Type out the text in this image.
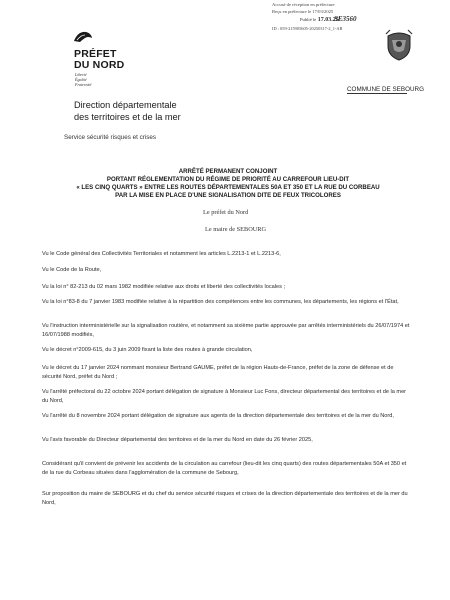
Accusé de réception en préfecture
Reçu en préfecture le 17/03/2025
Publié le 17.03.25
SE3560
ID : 059-215905605-20250317-2_1-AR
COMMUNE DE SEBOURG
PRÉFET
DU NORD
Liberté
Égalité
Fraternité
Direction départementale
des territoires et de la mer
Service sécurité risques et crises
ARRÊTÉ PERMANENT CONJOINT
PORTANT RÉGLEMENTATION DU RÉGIME DE PRIORITÉ AU CARREFOUR LIEU-DIT
« LES CINQ QUARTS » ENTRE LES ROUTES DÉPARTEMENTALES 50A ET 350 ET LA RUE DU CORBEAU
PAR LA MISE EN PLACE D'UNE SIGNALISATION DITE DE FEUX TRICOLORES
Le préfet du Nord
Le maire de SEBOURG
Vu le Code général des Collectivités Territoriales et notamment les articles L.2213-1 et L.2213-6,
Vu le Code de la Route,
Vu la loi n° 82-213 du 02 mars 1982 modifiée relative aux droits et liberté des collectivités locales ;
Vu la loi n°83-8 du 7 janvier 1983 modifiée relative à la répartition des compétences entre les communes, les départements, les régions et l'État,
Vu l'instruction interministérielle sur la signalisation routière, et notamment sa sixième partie approuvée par arrêtés interministériels du 26/07/1974 et 16/07/1988 modifiés,
Vu le décret n°2009-615, du 3 juin 2009 fixant la liste des routes à grande circulation,
Vu le décret du 17 janvier 2024 nommant monsieur Bertrand GAUME, préfet de la région Hauts-de-France, préfet de la zone de défense et de sécurité Nord, préfet du Nord ;
Vu l'arrêté préfectoral du 22 octobre 2024 portant délégation de signature à Monsieur Luc Fons, directeur départemental des territoires et de la mer du Nord,
Vu l'arrêté du 8 novembre 2024 portant délégation de signature aux agents de la direction départementale des territoires et de la mer du Nord,
Vu l'avis favorable du Directeur départemental des territoires et de la mer du Nord en date du 26 février 2025,
Considérant qu'il convient de prévenir les accidents de la circulation au carrefour (lieu-dit les cinq quarts) des routes départementales 50A et 350 et de la rue du Corbeau situées dans l'agglomération de la commune de Sebourg,
Sur proposition du maire de SEBOURG et du chef du service sécurité risques et crises de la direction départementale des territoires et de la mer du Nord,
